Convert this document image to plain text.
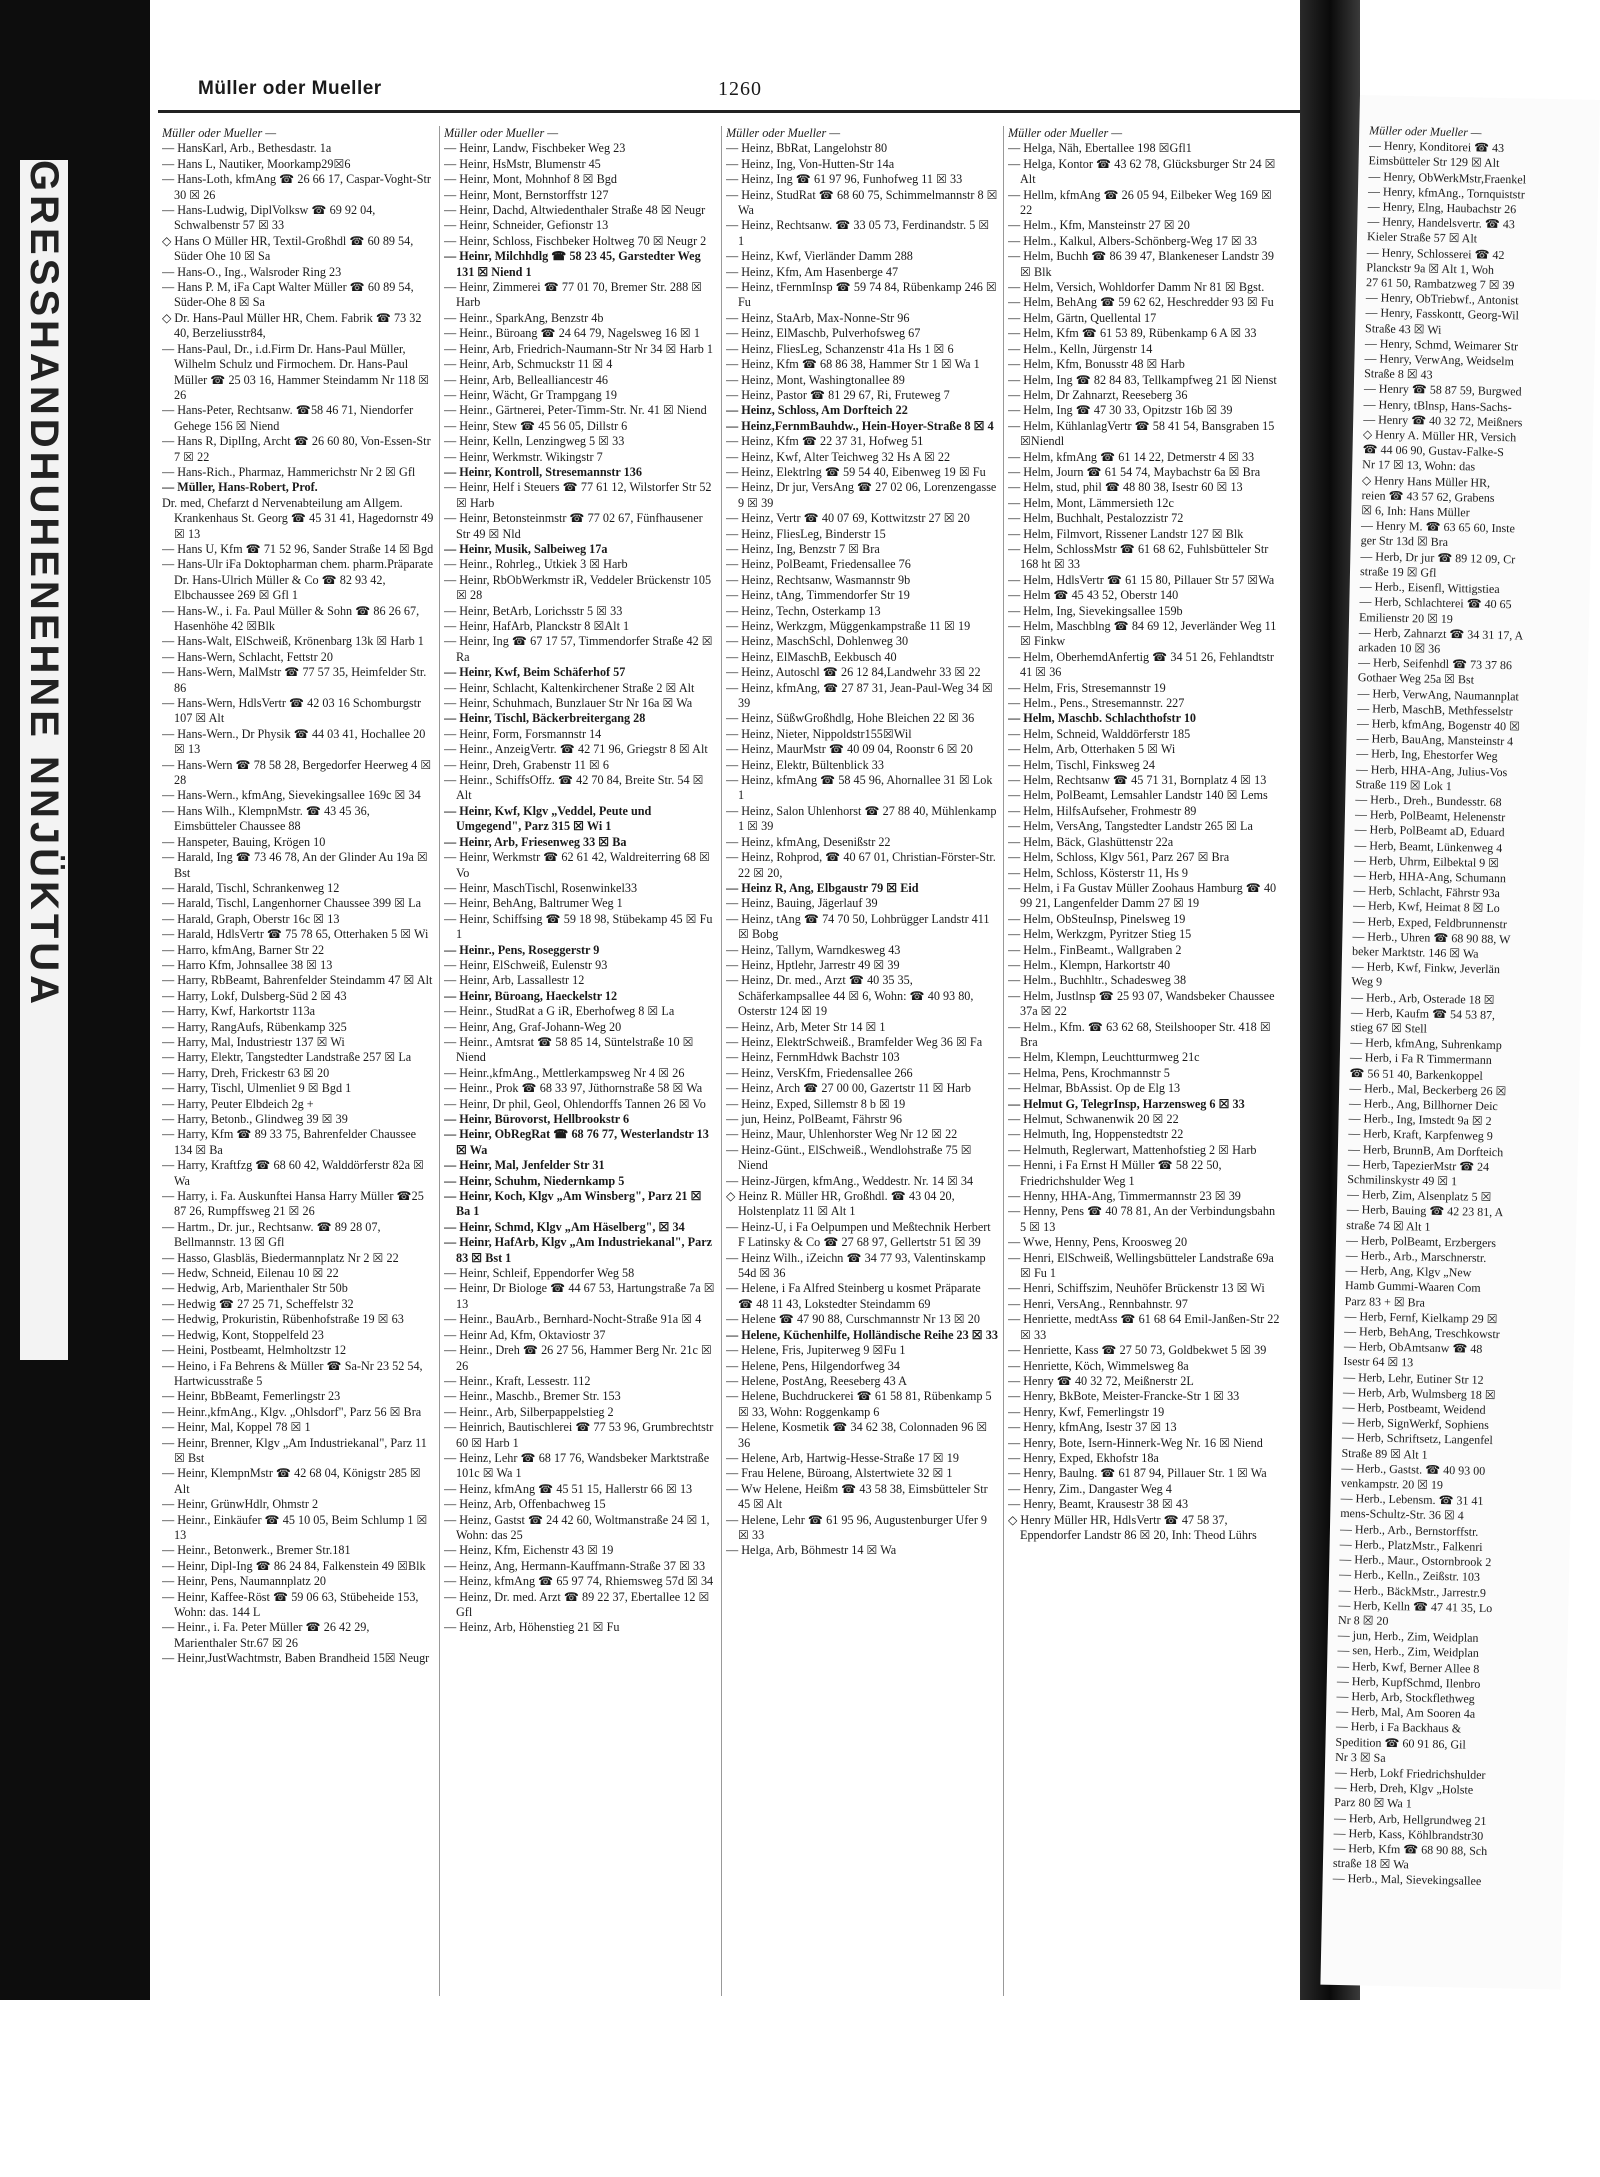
GRESSHANDHUHENEHNE NNJÜKTUA
Müller oder Mueller	1260

Müller oder Mueller —

— HansKarl, Arb., Bethesdastr. 1a

— Hans L, Nautiker, Moorkamp29☒6

— Hans-Loth, kfmAng ☎ 26 66 17, Caspar-Voght-Str 30 ☒ 26

— Hans-Ludwig, DiplVolksw ☎ 69 92 04, Schwalbenstr 57 ☒ 33

◇ Hans O Müller HR, Textil-Großhdl ☎ 60 89 54, Süder Ohe 10 ☒ Sa

— Hans-O., Ing., Walsroder Ring 23

— Hans P. M, iFa Capt Walter Müller ☎ 60 89 54, Süder-Ohe 8 ☒ Sa

◇ Dr. Hans-Paul Müller HR, Chem. Fabrik ☎ 73 32 40, Berzeliusstr84,

— Hans-Paul, Dr., i.d.Firm Dr. Hans-Paul Müller, Wilhelm Schulz und Firmochem. Dr. Hans-Paul Müller ☎ 25 03 16, Hammer Steindamm Nr 118 ☒ 26

— Hans-Peter, Rechtsanw. ☎58 46 71, Niendorfer Gehege 156 ☒ Niend

— Hans R, DiplIng, Archt ☎ 26 60 80, Von-Essen-Str 7 ☒ 22

— Hans-Rich., Pharmaz, Hammerichstr Nr 2 ☒ Gfl

— Müller, Hans-Robert, Prof.

Dr. med, Chefarzt d Nervenabteilung am Allgem. Krankenhaus St. Georg ☎ 45 31 41, Hagedornstr 49 ☒ 13

— Hans U, Kfm ☎ 71 52 96, Sander Straße 14 ☒ Bgd

— Hans-Ulr iFa Doktopharman chem. pharm.Präparate Dr. Hans-Ulrich Müller & Co ☎ 82 93 42, Elbchaussee 269 ☒ Gfl 1

— Hans-W., i. Fa. Paul Müller & Sohn ☎ 86 26 67, Hasenhöhe 42 ☒Blk

— Hans-Walt, ElSchweiß, Krönenbarg 13k ☒ Harb 1

— Hans-Wern, Schlacht, Fettstr 20

— Hans-Wern, MalMstr ☎ 77 57 35, Heimfelder Str. 86

— Hans-Wern, HdlsVertr ☎ 42 03 16 Schomburgstr 107 ☒ Alt

— Hans-Wern., Dr Physik ☎ 44 03 41, Hochallee 20 ☒ 13

— Hans-Wern ☎ 78 58 28, Bergedorfer Heerweg 4 ☒ 28

— Hans-Wern., kfmAng, Sievekingsallee 169c ☒ 34

— Hans Wilh., KlempnMstr. ☎ 43 45 36, Eimsbütteler Chaussee 88

— Hanspeter, Bauing, Krögen 10

— Harald, Ing ☎ 73 46 78, An der Glinder Au 19a ☒ Bst

— Harald, Tischl, Schrankenweg 12

— Harald, Tischl, Langenhorner Chaussee 399 ☒ La

— Harald, Graph, Oberstr 16c ☒ 13

— Harald, HdlsVertr ☎ 75 78 65, Otterhaken 5 ☒ Wi

— Harro, kfmAng, Barner Str 22

— Harro Kfm, Johnsallee 38 ☒ 13

— Harry, RbBeamt, Bahrenfelder Steindamm 47 ☒ Alt

— Harry, Lokf, Dulsberg-Süd 2 ☒ 43

— Harry, Kwf, Harkortstr 113a

— Harry, RangAufs, Rübenkamp 325

— Harry, Mal, Industriestr 137 ☒ Wi

— Harry, Elektr, Tangstedter Landstraße 257 ☒ La

— Harry, Dreh, Frickestr 63 ☒ 20

— Harry, Tischl, Ulmenliet 9 ☒ Bgd 1

— Harry, Peuter Elbdeich 2g +

— Harry, Betonb., Glindweg 39 ☒ 39

— Harry, Kfm ☎ 89 33 75, Bahrenfelder Chaussee 134 ☒ Ba

— Harry, Kraftfzg ☎ 68 60 42, Walddörferstr 82a ☒ Wa

— Harry, i. Fa. Auskunftei Hansa Harry Müller ☎25 87 26, Rumpffsweg 21 ☒ 26

— Hartm., Dr. jur., Rechtsanw. ☎ 89 28 07, Bellmannstr. 13 ☒ Gfl

— Hasso, Glasbläs, Biedermannplatz Nr 2 ☒ 22

— Hedw, Schneid, Eilenau 10 ☒ 22

— Hedwig, Arb, Marienthaler Str 50b

— Hedwig ☎ 27 25 71, Scheffelstr 32

— Hedwig, Prokuristin, Rübenhofstraße 19 ☒ 63

— Hedwig, Kont, Stoppelfeld 23

— Heini, Postbeamt, Helmholtzstr 12

— Heino, i Fa Behrens & Müller ☎ Sa-Nr 23 52 54, Hartwicusstraße 5

— Heinr, BbBeamt, Femerlingstr 23

— Heinr.,kfmAng., Klgv. „Ohlsdorf", Parz 56 ☒ Bra

— Heinr, Mal, Koppel 78 ☒ 1

— Heinr, Brenner, Klgv „Am Industriekanal", Parz 11 ☒ Bst

— Heinr, KlempnMstr ☎ 42 68 04, Königstr 285 ☒ Alt

— Heinr, GrünwHdlr, Ohmstr 2

— Heinr., Einkäufer ☎ 45 10 05, Beim Schlump 1 ☒ 13

— Heinr., Betonwerk., Bremer Str.181

— Heinr, Dipl-Ing ☎ 86 24 84, Falkenstein 49 ☒Blk

— Heinr, Pens, Naumannplatz 20

— Heinr, Kaffee-Röst ☎ 59 06 63, Stübeheide 153, Wohn: das. 144 L

— Heinr., i. Fa. Peter Müller ☎ 26 42 29, Marienthaler Str.67 ☒ 26

— Heinr,JustWachtmstr, Baben Brandheid 15☒ Neugr

Müller oder Mueller —

— Heinr, Landw, Fischbeker Weg 23

— Heinr, HsMstr, Blumenstr 45

— Heinr, Mont, Mohnhof 8 ☒ Bgd

— Heinr, Mont, Bernstorffstr 127

— Heinr, Dachd, Altwiedenthaler Straße 48 ☒ Neugr

— Heinr, Schneider, Gefionstr 13

— Heinr, Schloss, Fischbeker Holtweg 70 ☒ Neugr 2

— Heinr, Milchhdlg ☎ 58 23 45, Garstedter Weg 131 ☒ Niend 1

— Heinr, Zimmerei ☎ 77 01 70, Bremer Str. 288 ☒ Harb

— Heinr., SparkAng, Benzstr 4b

— Heinr., Büroang ☎ 24 64 79, Nagelsweg 16 ☒ 1

— Heinr, Arb, Friedrich-Naumann-Str Nr 34 ☒ Harb 1

— Heinr, Arb, Schmuckstr 11 ☒ 4

— Heinr, Arb, Bellealliancestr 46

— Heinr, Wächt, Gr Trampgang 19

— Heinr., Gärtnerei, Peter-Timm-Str. Nr. 41 ☒ Niend

— Heinr, Stew ☎ 45 56 05, Dillstr 6

— Heinr, Kelln, Lenzingweg 5 ☒ 33

— Heinr, Werkmstr. Wikingstr 7

— Heinr, Kontroll, Stresemannstr 136

— Heinr, Helf i Steuers ☎ 77 61 12, Wilstorfer Str 52 ☒ Harb

— Heinr, Betonsteinmstr ☎ 77 02 67, Fünfhausener Str 49 ☒ Nld

— Heinr, Musik, Salbeiweg 17a

— Heinr., Rohrleg., Utkiek 3 ☒ Harb

— Heinr, RbObWerkmstr iR, Veddeler Brückenstr 105 ☒ 28

— Heinr, BetArb, Lorichsstr 5 ☒ 33

— Heinr, HafArb, Planckstr 8 ☒Alt 1

— Heinr, Ing ☎ 67 17 57, Timmendorfer Straße 42 ☒ Ra

— Heinr, Kwf, Beim Schäferhof 57

— Heinr, Schlacht, Kaltenkirchener Straße 2 ☒ Alt

— Heinr, Schuhmach, Bunzlauer Str Nr 16a ☒ Wa

— Heinr, Tischl, Bäckerbreitergang 28

— Heinr, Form, Forsmannstr 14

— Heinr., AnzeigVertr. ☎ 42 71 96, Griegstr 8 ☒ Alt

— Heinr, Dreh, Grabenstr 11 ☒ 6

— Heinr., SchiffsOffz. ☎ 42 70 84, Breite Str. 54 ☒ Alt

— Heinr, Kwf, Klgv „Veddel, Peute und Umgegend", Parz 315 ☒ Wi 1

— Heinr, Arb, Friesenweg 33 ☒ Ba

— Heinr, Werkmstr ☎ 62 61 42, Waldreiterring 68 ☒ Vo

— Heinr, MaschTischl, Rosenwinkel33

— Heinr, BehAng, Baltrumer Weg 1

— Heinr, Schiffsing ☎ 59 18 98, Stübekamp 45 ☒ Fu 1

— Heinr., Pens, Roseggerstr 9

— Heinr, ElSchweiß, Eulenstr 93

— Heinr, Arb, Lassallestr 12

— Heinr, Büroang, Haeckelstr 12

— Heinr., StudRat a G iR, Eberhofweg 8 ☒ La

— Heinr, Ang, Graf-Johann-Weg 20

— Heinr., Amtsrat ☎ 58 85 14, Süntelstraße 10 ☒ Niend

— Heinr.,kfmAng., Mettlerkampsweg Nr 4 ☒ 26

— Heinr., Prok ☎ 68 33 97, Jüthornstraße 58 ☒ Wa

— Heinr, Dr phil, Geol, Ohlendorffs Tannen 26 ☒ Vo

— Heinr, Bürovorst, Hellbrookstr 6

— Heinr, ObRegRat ☎ 68 76 77, Westerlandstr 13 ☒ Wa

— Heinr, Mal, Jenfelder Str 31

— Heinr, Schuhm, Niedernkamp 5

— Heinr, Koch, Klgv „Am Winsberg", Parz 21 ☒ Ba 1

— Heinr, Schmd, Klgv „Am Häselberg", ☒ 34

— Heinr, HafArb, Klgv „Am Industriekanal", Parz 83 ☒ Bst 1

— Heinr, Schleif, Eppendorfer Weg 58

— Heinr, Dr Biologe ☎ 44 67 53, Hartungstraße 7a ☒ 13

— Heinr., BauArb., Bernhard-Nocht-Straße 91a ☒ 4

— Heinr Ad, Kfm, Oktaviostr 37

— Heinr., Dreh ☎ 26 27 56, Hammer Berg Nr. 21c ☒ 26

— Heinr., Kraft, Lessestr. 112

— Heinr., Maschb., Bremer Str. 153

— Heinr., Arb, Silberpappelstieg 2

— Heinrich, Bautischlerei ☎ 77 53 96, Grumbrechtstr 60 ☒ Harb 1

— Heinz, Lehr ☎ 68 17 76, Wandsbeker Marktstraße 101c ☒ Wa 1

— Heinz, kfmAng ☎ 45 51 15, Hallerstr 66 ☒ 13

— Heinz, Arb, Offenbachweg 15

— Heinz, Gastst ☎ 24 42 60, Woltmanstraße 24 ☒ 1, Wohn: das 25

— Heinz, Kfm, Eichenstr 43 ☒ 19

— Heinz, Ang, Hermann-Kauffmann-Straße 37 ☒ 33

— Heinz, kfmAng ☎ 65 97 74, Rhiemsweg 57d ☒ 34

— Heinz, Dr. med. Arzt ☎ 89 22 37, Ebertallee 12 ☒ Gfl

— Heinz, Arb, Höhenstieg 21 ☒ Fu

Müller oder Mueller —

— Heinz, BbRat, Langelohstr 80

— Heinz, Ing, Von-Hutten-Str 14a

— Heinz, Ing ☎ 61 97 96, Funhofweg 11 ☒ 33

— Heinz, StudRat ☎ 68 60 75, Schimmelmannstr 8 ☒ Wa

— Heinz, Rechtsanw. ☎ 33 05 73, Ferdinandstr. 5 ☒ 1

— Heinz, Kwf, Vierländer Damm 288

— Heinz, Kfm, Am Hasenberge 47

— Heinz, tFernmInsp ☎ 59 74 84, Rübenkamp 246 ☒ Fu

— Heinz, StaArb, Max-Nonne-Str 96

— Heinz, ElMaschb, Pulverhofsweg 67

— Heinz, FliesLeg, Schanzenstr 41a Hs 1 ☒ 6

— Heinz, Kfm ☎ 68 86 38, Hammer Str 1 ☒ Wa 1

— Heinz, Mont, Washingtonallee 89

— Heinz, Pastor ☎ 81 29 67, Ri, Fruteweg 7

— Heinz, Schloss, Am Dorfteich 22

— Heinz,FernmBauhdw., Hein-Hoyer-Straße 8 ☒ 4

— Heinz, Kfm ☎ 22 37 31, Hofweg 51

— Heinz, Kwf, Alter Teichweg 32 Hs A ☒ 22

— Heinz, Elektrlng ☎ 59 54 40, Eibenweg 19 ☒ Fu

— Heinz, Dr jur, VersAng ☎ 27 02 06, Lorenzengasse 9 ☒ 39

— Heinz, Vertr ☎ 40 07 69, Kottwitzstr 27 ☒ 20

— Heinz, FliesLeg, Binderstr 15

— Heinz, Ing, Benzstr 7 ☒ Bra

— Heinz, PolBeamt, Friedensallee 76

— Heinz, Rechtsanw, Wasmannstr 9b

— Heinz, tAng, Timmendorfer Str 19

— Heinz, Techn, Osterkamp 13

— Heinz, Werkzgm, Müggenkampstraße 11 ☒ 19

— Heinz, MaschSchl, Dohlenweg 30

— Heinz, ElMaschB, Eekbusch 40

— Heinz, Autoschl ☎ 26 12 84,Landwehr 33 ☒ 22

— Heinz, kfmAng, ☎ 27 87 31, Jean-Paul-Weg 34 ☒ 39

— Heinz, SüßwGroßhdlg, Hohe Bleichen 22 ☒ 36

— Heinz, Nieter, Nippoldstr155☒Wil

— Heinz, MaurMstr ☎ 40 09 04, Roonstr 6 ☒ 20

— Heinz, Elektr, Bültenblick 33

— Heinz, kfmAng ☎ 58 45 96, Ahornallee 31 ☒ Lok 1

— Heinz, Salon Uhlenhorst ☎ 27 88 40, Mühlenkamp 1 ☒ 39

— Heinz, kfmAng, Desenißstr 22

— Heinz, Rohprod, ☎ 40 67 01, Christian-Förster-Str. 22 ☒ 20,

— Heinz R, Ang, Elbgaustr 79 ☒ Eid

— Heinz, Bauing, Jägerlauf 39

— Heinz, tAng ☎ 74 70 50, Lohbrügger Landstr 411 ☒ Bobg

— Heinz, Tallym, Warndkesweg 43

— Heinz, Hptlehr, Jarrestr 49 ☒ 39

— Heinz, Dr. med., Arzt ☎ 40 35 35, Schäferkampsallee 44 ☒ 6, Wohn: ☎ 40 93 80, Osterstr 124 ☒ 19

— Heinz, Arb, Meter Str 14 ☒ 1

— Heinz, ElektrSchweiß., Bramfelder Weg 36 ☒ Fa

— Heinz, FernmHdwk Bachstr 103

— Heinz, VersKfm, Friedensallee 266

— Heinz, Arch ☎ 27 00 00, Gazertstr 11 ☒ Harb

— Heinz, Exped, Sillemstr 8 b ☒ 19

— jun, Heinz, PolBeamt, Fährstr 96

— Heinz, Maur, Uhlenhorster Weg Nr 12 ☒ 22

— Heinz-Günt., ElSchweiß., Wendlohstraße 75 ☒ Niend

— Heinz-Jürgen, kfmAng., Weddestr. Nr. 14 ☒ 34

◇ Heinz R. Müller HR, Großhdl. ☎ 43 04 20, Holstenplatz 11 ☒ Alt 1

— Heinz-U, i Fa Oelpumpen und Meßtechnik Herbert F Latinsky & Co ☎ 27 68 97, Gellertstr 51 ☒ 39

— Heinz Wilh., iZeichn ☎ 34 77 93, Valentinskamp 54d ☒ 36

— Helene, i Fa Alfred Steinberg u kosmet Präparate ☎ 48 11 43, Lokstedter Steindamm 69

— Helene ☎ 47 90 88, Curschmannstr Nr 13 ☒ 20

— Helene, Küchenhilfe, Holländische Reihe 23 ☒ 33

— Helene, Fris, Jupiterweg 9 ☒Fu 1

— Helene, Pens, Hilgendorfweg 34

— Helene, PostAng, Reeseberg 43 A

— Helene, Buchdruckerei ☎ 61 58 81, Rübenkamp 5 ☒ 33, Wohn: Roggenkamp 6

— Helene, Kosmetik ☎ 34 62 38, Colonnaden 96 ☒ 36

— Helene, Arb, Hartwig-Hesse-Straße 17 ☒ 19

— Frau Helene, Büroang, Alstertwiete 32 ☒ 1

— Ww Helene, Heißm ☎ 43 58 38, Eimsbütteler Str 45 ☒ Alt

— Helene, Lehr ☎ 61 95 96, Augustenburger Ufer 9 ☒ 33

— Helga, Arb, Böhmestr 14 ☒ Wa

Müller oder Mueller —

— Helga, Näh, Ebertallee 198 ☒Gfl1

— Helga, Kontor ☎ 43 62 78, Glücksburger Str 24 ☒ Alt

— Hellm, kfmAng ☎ 26 05 94, Eilbeker Weg 169 ☒ 22

— Helm., Kfm, Mansteinstr 27 ☒ 20

— Helm., Kalkul, Albers-Schönberg-Weg 17 ☒ 33

— Helm, Buchh ☎ 86 39 47, Blankeneser Landstr 39 ☒ Blk

— Helm, Versich, Wohldorfer Damm Nr 81 ☒ Bgst.

— Helm, BehAng ☎ 59 62 62, Heschredder 93 ☒ Fu

— Helm, Gärtn, Quellental 17

— Helm, Kfm ☎ 61 53 89, Rübenkamp 6 A ☒ 33

— Helm., Kelln, Jürgenstr 14

— Helm, Kfm, Bonusstr 48 ☒ Harb

— Helm, Ing ☎ 82 84 83, Tellkampfweg 21 ☒ Nienst

— Helm, Dr Zahnarzt, Reeseberg 36

— Helm, Ing ☎ 47 30 33, Opitzstr 16b ☒ 39

— Helm, KühlanlagVertr ☎ 58 41 54, Bansgraben 15 ☒Niendl

— Helm, kfmAng ☎ 61 14 22, Detmerstr 4 ☒ 33

— Helm, Journ ☎ 61 54 74, Maybachstr 6a ☒ Bra

— Helm, stud, phil ☎ 48 80 38, Isestr 60 ☒ 13

— Helm, Mont, Lämmersieth 12c

— Helm, Buchhalt, Pestalozzistr 72

— Helm, Filmvort, Rissener Landstr 127 ☒ Blk

— Helm, SchlossMstr ☎ 61 68 62, Fuhlsbütteler Str 168 ht ☒ 33

— Helm, HdlsVertr ☎ 61 15 80, Pillauer Str 57 ☒Wa

— Helm ☎ 45 43 52, Oberstr 140

— Helm, Ing, Sievekingsallee 159b

— Helm, Maschblng ☎ 84 69 12, Jeverländer Weg 11 ☒ Finkw

— Helm, OberhemdAnfertig ☎ 34 51 26, Fehlandtstr 41 ☒ 36

— Helm, Fris, Stresemannstr 19

— Helm., Pens., Stresemannstr. 227

— Helm, Maschb. Schlachthofstr 10

— Helm, Schneid, Walddörferstr 185

— Helm, Arb, Otterhaken 5 ☒ Wi

— Helm, Tischl, Finksweg 24

— Helm, Rechtsanw ☎ 45 71 31, Bornplatz 4 ☒ 13

— Helm, PolBeamt, Lemsahler Landstr 140 ☒ Lems

— Helm, HilfsAufseher, Frohmestr 89

— Helm, VersAng, Tangstedter Landstr 265 ☒ La

— Helm, Bäck, Glashüttenstr 22a

— Helm, Schloss, Klgv 561, Parz 267 ☒ Bra

— Helm, Schloss, Kösterstr 11, Hs 9

— Helm, i Fa Gustav Müller Zoohaus Hamburg ☎ 40 99 21, Langenfelder Damm 27 ☒ 19

— Helm, ObSteuInsp, Pinelsweg 19

— Helm, Werkzgm, Pyritzer Stieg 15

— Helm., FinBeamt., Wallgraben 2

— Helm., Klempn, Harkortstr 40

— Helm., Buchhltr., Schadesweg 38

— Helm, Justlnsp ☎ 25 93 07, Wandsbeker Chaussee 37a ☒ 22

— Helm., Kfm. ☎ 63 62 68, Steilshooper Str. 418 ☒ Bra

— Helm, Klempn, Leuchtturmweg 21c

— Helma, Pens, Krochmannstr 5

— Helmar, BbAssist. Op de Elg 13

— Helmut G, TelegrInsp, Harzensweg 6 ☒ 33

— Helmut, Schwanenwik 20 ☒ 22

— Helmuth, Ing, Hoppenstedtstr 22

— Helmuth, Reglerwart, Mattenhofstieg 2 ☒ Harb

— Henni, i Fa Ernst H Müller ☎ 58 22 50, Friedrichshulder Weg 1

— Henny, HHA-Ang, Timmermannstr 23 ☒ 39

— Henny, Pens ☎ 40 78 81, An der Verbindungsbahn 5 ☒ 13

— Wwe, Henny, Pens, Kroosweg 20

— Henri, ElSchweiß, Wellingsbütteler Landstraße 69a ☒ Fu 1

— Henri, Schiffszim, Neuhöfer Brückenstr 13 ☒ Wi

— Henri, VersAng., Rennbahnstr. 97

— Henriette, medtAss ☎ 61 68 64 Emil-Janßen-Str 22 ☒ 33

— Henriette, Kass ☎ 27 50 73, Goldbekwet 5 ☒ 39

— Henriette, Köch, Wimmelsweg 8a

— Henry ☎ 40 32 72, Meißnerstr 2L

— Henry, BkBote, Meister-Francke-Str 1 ☒ 33

— Henry, Kwf, Femerlingstr 19

— Henry, kfmAng, Isestr 37 ☒ 13

— Henry, Bote, Isern-Hinnerk-Weg Nr. 16 ☒ Niend

— Henry, Exped, Ekhofstr 18a

— Henry, Baulng. ☎ 61 87 94, Pillauer Str. 1 ☒ Wa

— Henry, Zim., Dangaster Weg 4

— Henry, Beamt, Krausestr 38 ☒ 43

◇ Henry Müller HR, HdlsVertr ☎ 47 58 37, Eppendorfer Landstr 86 ☒ 20, Inh: Theod Lührs

Müller oder Mueller —

— Henry, Konditorei ☎ 43

Eimsbütteler Str 129 ☒ Alt

— Henry, ObWerkMstr,Fraenkel

— Henry, kfmAng., Tornquiststr

— Henry, Elng, Haubachstr 26

— Henry, Handelsvertr. ☎ 43

Kieler Straße 57 ☒ Alt

— Henry, Schlosserei ☎ 42

Planckstr 9a ☒ Alt 1, Woh

27 61 50, Rambatzweg 7 ☒ 39

— Henry, ObTriebwf., Antonist

— Henry, Fasskontt, Georg-Wil

Straße 43 ☒ Wi

— Henry, Schmd, Weimarer Str

— Henry, VerwAng, Weidselm

Straße 8 ☒ 43

— Henry ☎ 58 87 59, Burgwed

— Henry, tBlnsp, Hans-Sachs-

— Henry ☎ 40 32 72, Meißners

◇ Henry A. Müller HR, Versich

☎ 44 06 90, Gustav-Falke-S

Nr 17 ☒ 13, Wohn: das

◇ Henry Hans Müller HR,

reien ☎ 43 57 62, Grabens

☒ 6, Inh: Hans Müller

— Henry M. ☎ 63 65 60, Inste

ger Str 13d ☒ Bra

— Herb, Dr jur ☎ 89 12 09, Cr

straße 19 ☒ Gfl

— Herb., Eisenfl, Wittigstiea

— Herb, Schlachterei ☎ 40 65

Emilienstr 20 ☒ 19

— Herb, Zahnarzt ☎ 34 31 17, A

arkaden 10 ☒ 36

— Herb, Seifenhdl ☎ 73 37 86

Gothaer Weg 25a ☒ Bst

— Herb, VerwAng, Naumannplat

— Herb, MaschB, Methfesselstr

— Herb, kfmAng, Bogenstr 40 ☒

— Herb, BauAng, Mansteinstr 4

— Herb, Ing, Ehestorfer Weg

— Herb, HHA-Ang, Julius-Vos

Straße 119 ☒ Lok 1

— Herb., Dreh., Bundesstr. 68

— Herb, PolBeamt, Helenenstr

— Herb, PolBeamt aD, Eduard

— Herb, Beamt, Lünkenweg 4

— Herb, Uhrm, Eilbektal 9 ☒

— Herb, HHA-Ang, Schumann

— Herb, Schlacht, Fährstr 93a

— Herb, Kwf, Heimat 8 ☒ Lo

— Herb, Exped, Feldbrunnenstr

— Herb., Uhren ☎ 68 90 88, W

beker Marktstr. 146 ☒ Wa

— Herb, Kwf, Finkw, Jeverlän

Weg 9

— Herb., Arb, Osterade 18 ☒

— Herb, Kaufm ☎ 54 53 87,

stieg 67 ☒ Stell

— Herb, kfmAng, Suhrenkamp

— Herb, i Fa R Timmermann

☎ 56 51 40, Barkenkoppel

— Herb., Mal, Beckerberg 26 ☒

— Herb., Ang, Billhorner Deic

— Herb., Ing, Imstedt 9a ☒ 2

— Herb, Kraft, Karpfenweg 9

— Herb, BrunnB, Am Dorfteich

— Herb, TapezierMstr ☎ 24

Schmilinskystr 49 ☒ 1

— Herb, Zim, Alsenplatz 5 ☒

— Herb, Bauing ☎ 42 23 81, A

straße 74 ☒ Alt 1

— Herb, PolBeamt, Erzbergers

— Herb., Arb., Marschnerstr.

— Herb, Ang, Klgv „New

Hamb Gummi-Waaren Com

Parz 83 + ☒ Bra

— Herb, Fernf, Kielkamp 29 ☒

— Herb, BehAng, Treschkowstr

— Herb, ObAmtsanw ☎ 48

Isestr 64 ☒ 13

— Herb, Lehr, Eutiner Str 12

— Herb, Arb, Wulmsberg 18 ☒

— Herb, Postbeamt, Weidend

— Herb, SignWerkf, Sophiens

— Herb, Schriftsetz, Langenfel

Straße 89 ☒ Alt 1

— Herb., Gastst. ☎ 40 93 00

venkampstr. 20 ☒ 19

— Herb., Lebensm. ☎ 31 41

mens-Schultz-Str. 36 ☒ 4

— Herb., Arb., Bernstorffstr.

— Herb., PlatzMstr., Falkenri

— Herb., Maur., Ostornbrook 2

— Herb., Kelln., Zeißstr. 103

— Herb., BäckMstr., Jarrestr.9

— Herb, Kelln ☎ 47 41 35, Lo

Nr 8 ☒ 20

— jun, Herb., Zim, Weidplan

— sen, Herb., Zim, Weidplan

— Herb, Kwf, Berner Allee 8

— Herb, KupfSchmd, Ilenbro

— Herb, Arb, Stockflethweg

— Herb, Mal, Am Sooren 4a

— Herb, i Fa Backhaus &

Spedition ☎ 60 91 86, Gil

Nr 3 ☒ Sa

— Herb, Lokf Friedrichshulder

— Herb, Dreh, Klgv „Holste

Parz 80 ☒ Wa 1

— Herb, Arb, Hellgrundweg 21

— Herb, Kass, Köhlbrandstr30

— Herb, Kfm ☎ 68 90 88, Sch

straße 18 ☒ Wa

— Herb., Mal, Sievekingsallee
